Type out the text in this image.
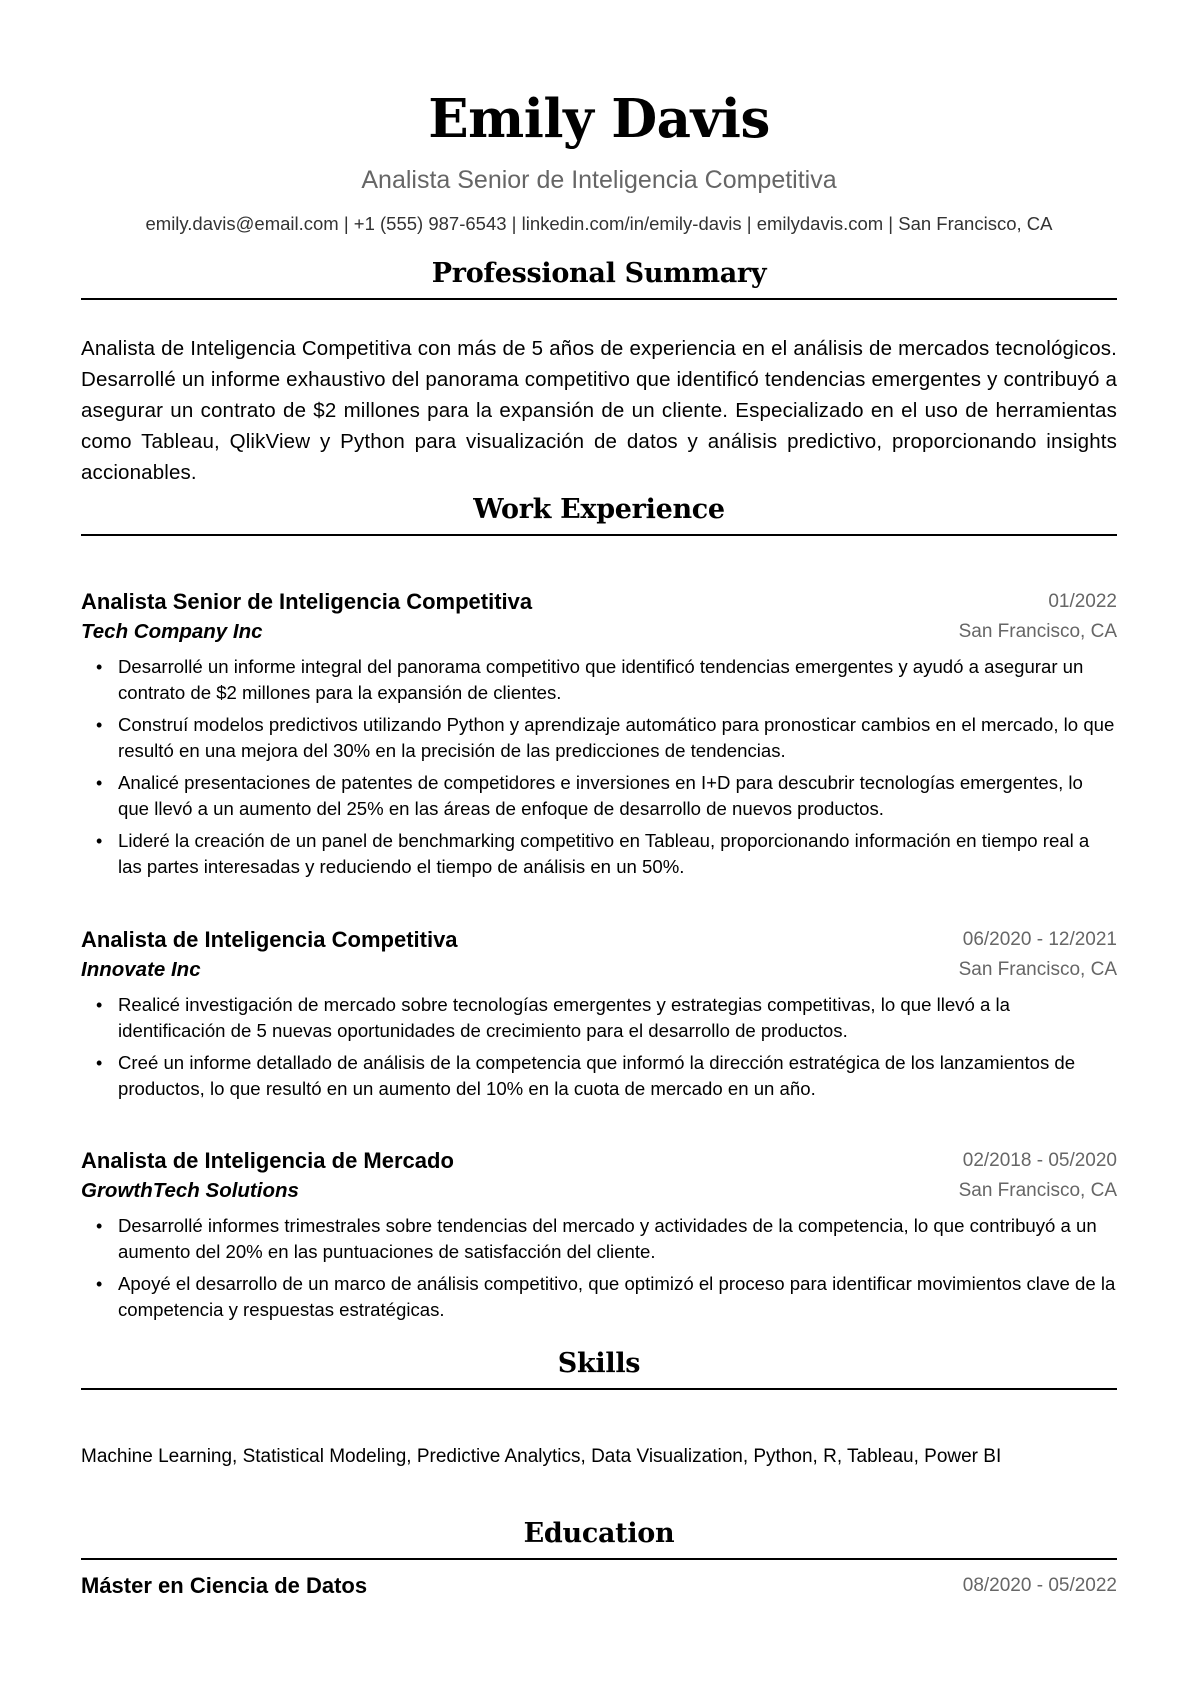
Emily Davis
Analista Senior de Inteligencia Competitiva
emily.davis@email.com | +1 (555) 987-6543 | linkedin.com/in/emily-davis | emilydavis.com | San Francisco, CA
Professional Summary
Analista de Inteligencia Competitiva con más de 5 años de experiencia en el análisis de mercados tecnológicos. Desarrollé un informe exhaustivo del panorama competitivo que identificó tendencias emergentes y contribuyó a asegurar un contrato de $2 millones para la expansión de un cliente. Especializado en el uso de herramientas como Tableau, QlikView y Python para visualización de datos y análisis predictivo, proporcionando insights accionables.
Work Experience
Analista Senior de Inteligencia Competitiva	01/2022
Tech Company Inc	San Francisco, CA
• Desarrollé un informe integral del panorama competitivo que identificó tendencias emergentes y ayudó a asegurar un contrato de $2 millones para la expansión de clientes.
• Construí modelos predictivos utilizando Python y aprendizaje automático para pronosticar cambios en el mercado, lo que resultó en una mejora del 30% en la precisión de las predicciones de tendencias.
• Analicé presentaciones de patentes de competidores e inversiones en I+D para descubrir tecnologías emergentes, lo que llevó a un aumento del 25% en las áreas de enfoque de desarrollo de nuevos productos.
• Lideré la creación de un panel de benchmarking competitivo en Tableau, proporcionando información en tiempo real a las partes interesadas y reduciendo el tiempo de análisis en un 50%.
Analista de Inteligencia Competitiva	06/2020 - 12/2021
Innovate Inc	San Francisco, CA
• Realicé investigación de mercado sobre tecnologías emergentes y estrategias competitivas, lo que llevó a la identificación de 5 nuevas oportunidades de crecimiento para el desarrollo de productos.
• Creé un informe detallado de análisis de la competencia que informó la dirección estratégica de los lanzamientos de productos, lo que resultó en un aumento del 10% en la cuota de mercado en un año.
Analista de Inteligencia de Mercado	02/2018 - 05/2020
GrowthTech Solutions	San Francisco, CA
• Desarrollé informes trimestrales sobre tendencias del mercado y actividades de la competencia, lo que contribuyó a un aumento del 20% en las puntuaciones de satisfacción del cliente.
• Apoyé el desarrollo de un marco de análisis competitivo, que optimizó el proceso para identificar movimientos clave de la competencia y respuestas estratégicas.
Skills
Machine Learning, Statistical Modeling, Predictive Analytics, Data Visualization, Python, R, Tableau, Power BI
Education
Máster en Ciencia de Datos	08/2020 - 05/2022
